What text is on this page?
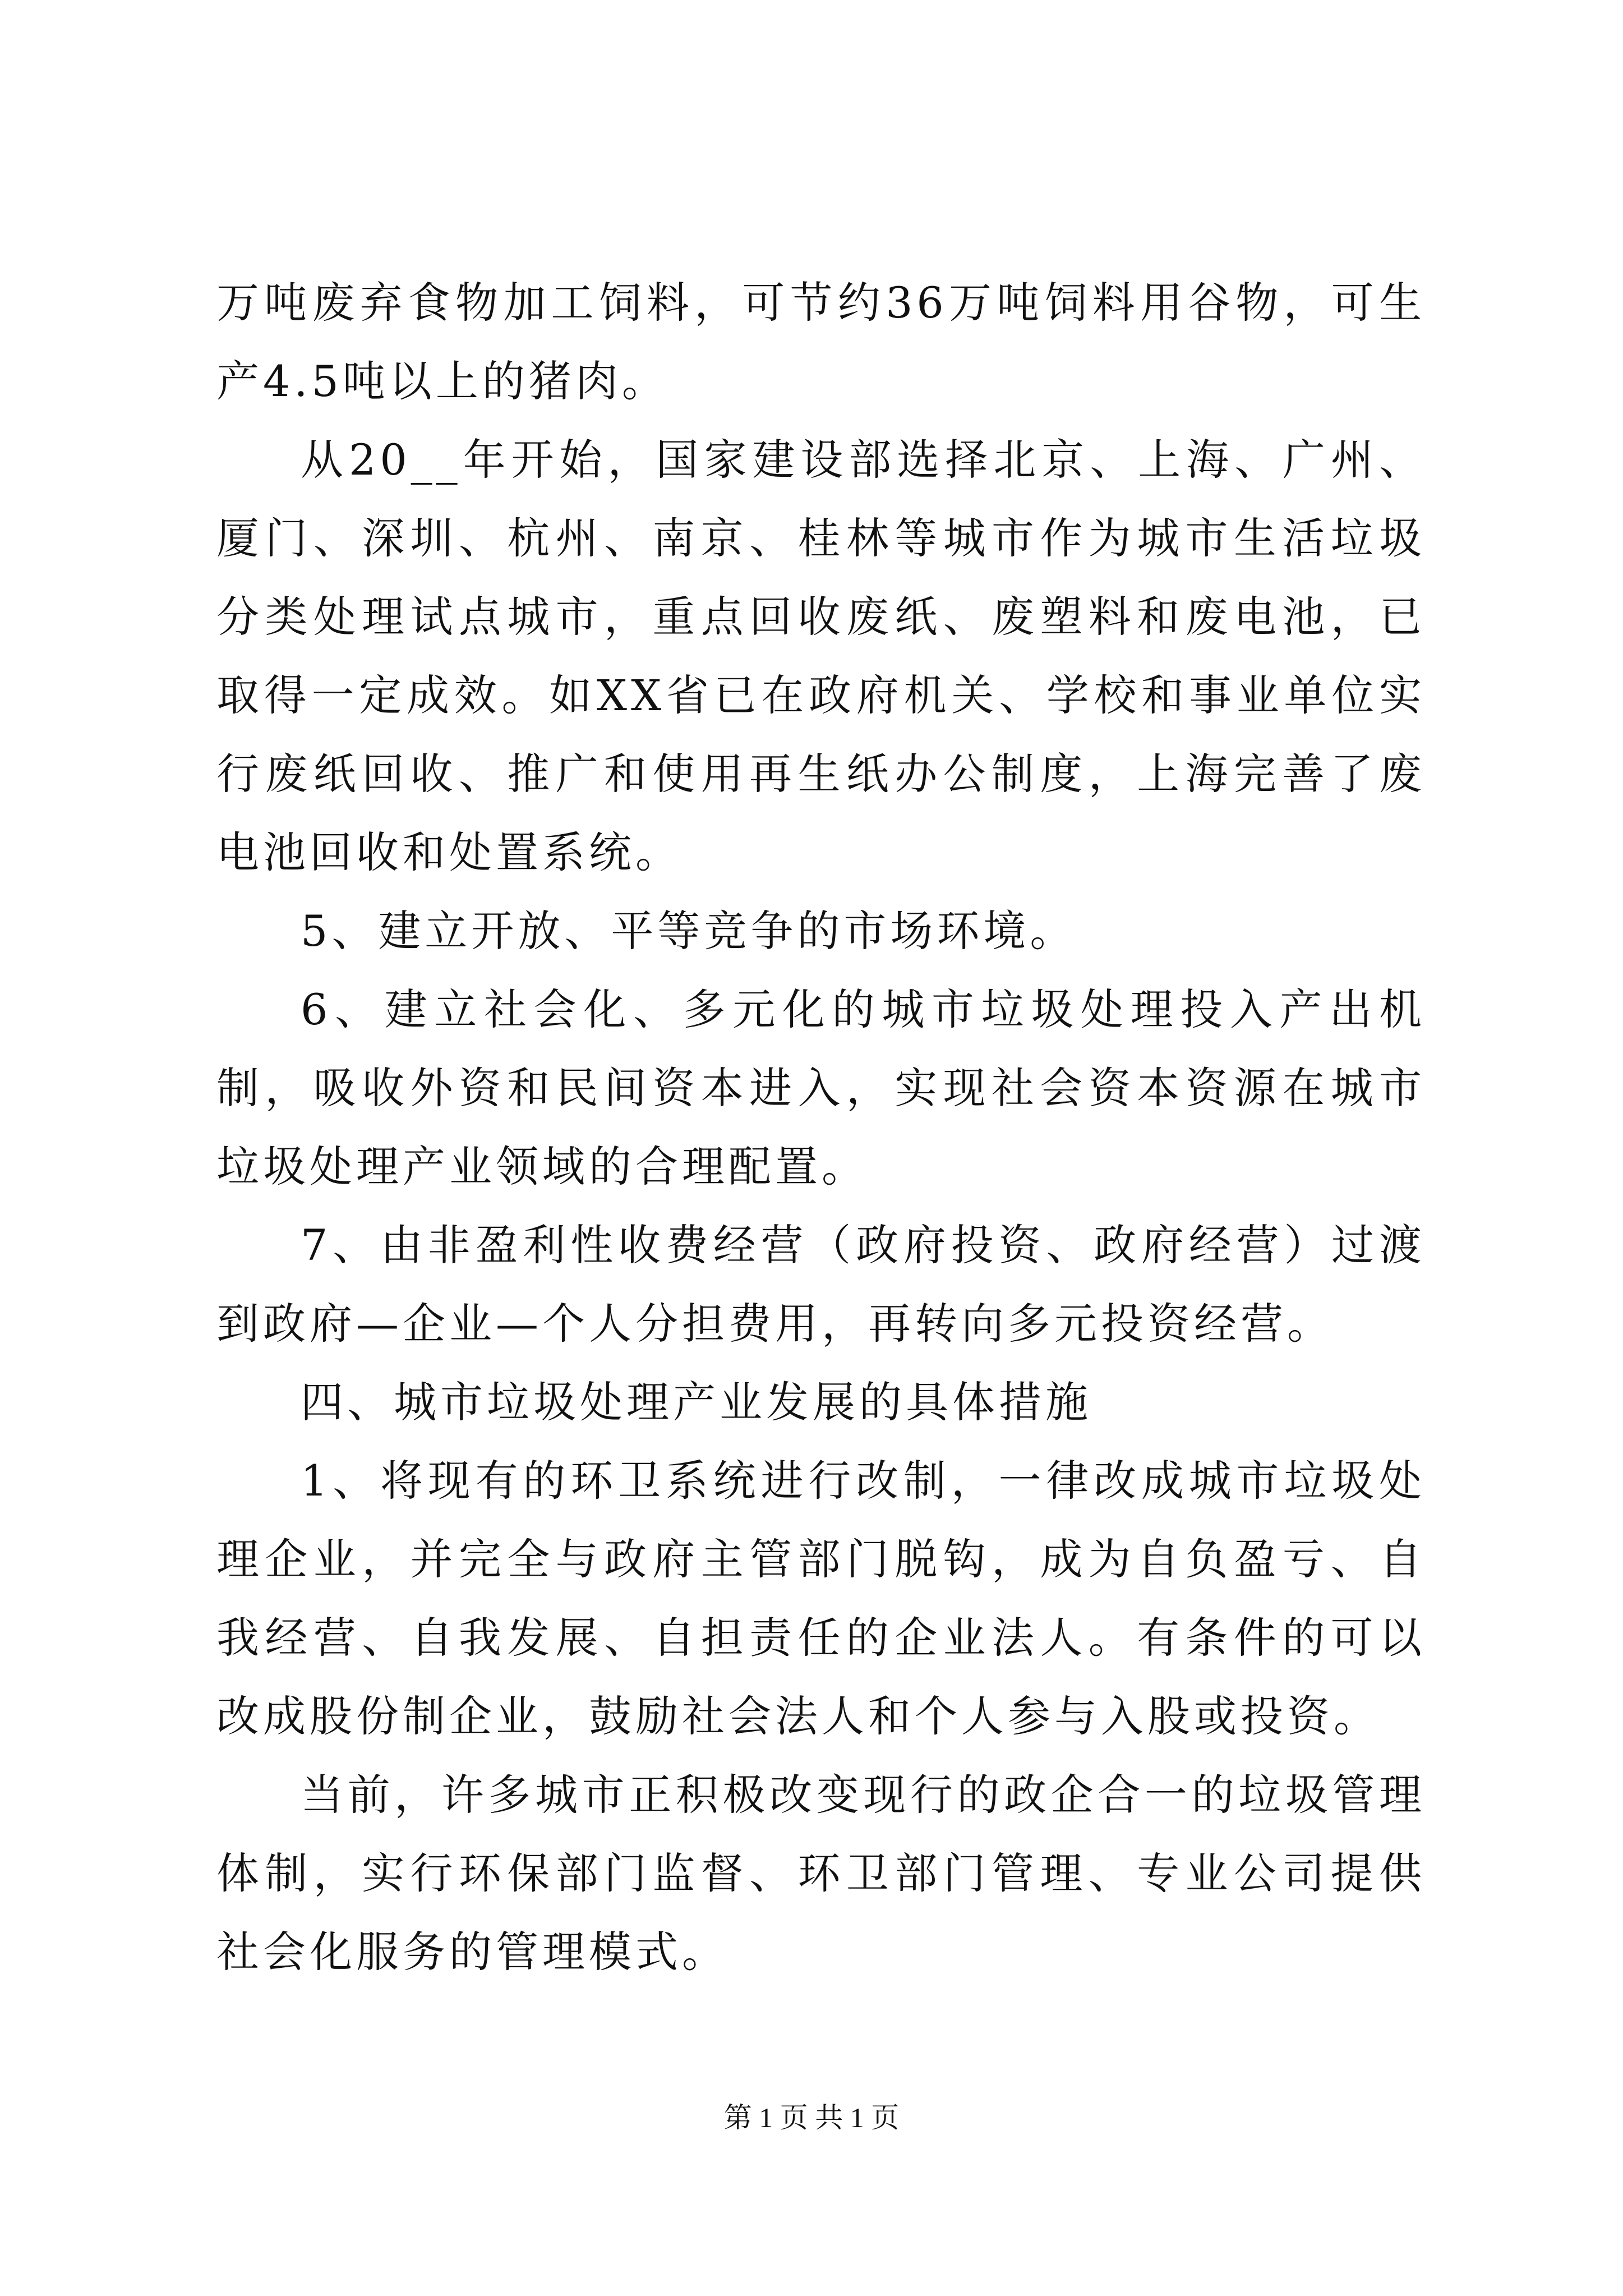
万吨废弃食物加工饲料，可节约36万吨饲料用谷物，可生产4.5吨以上的猪肉。

从20__年开始，国家建设部选择北京、上海、广州、厦门、深圳、杭州、南京、桂林等城市作为城市生活垃圾分类处理试点城市，重点回收废纸、废塑料和废电池，已取得一定成效。如XX省已在政府机关、学校和事业单位实行废纸回收、推广和使用再生纸办公制度，上海完善了废电池回收和处置系统。

5、建立开放、平等竞争的市场环境。

6、建立社会化、多元化的城市垃圾处理投入产出机制，吸收外资和民间资本进入，实现社会资本资源在城市垃圾处理产业领域的合理配置。

7、由非盈利性收费经营（政府投资、政府经营）过渡到政府—企业—个人分担费用，再转向多元投资经营。

四、城市垃圾处理产业发展的具体措施

1、将现有的环卫系统进行改制，一律改成城市垃圾处理企业，并完全与政府主管部门脱钩，成为自负盈亏、自我经营、自我发展、自担责任的企业法人。有条件的可以改成股份制企业，鼓励社会法人和个人参与入股或投资。

当前，许多城市正积极改变现行的政企合一的垃圾管理体制，实行环保部门监督、环卫部门管理、专业公司提供社会化服务的管理模式。

第 1 页 共 1 页
